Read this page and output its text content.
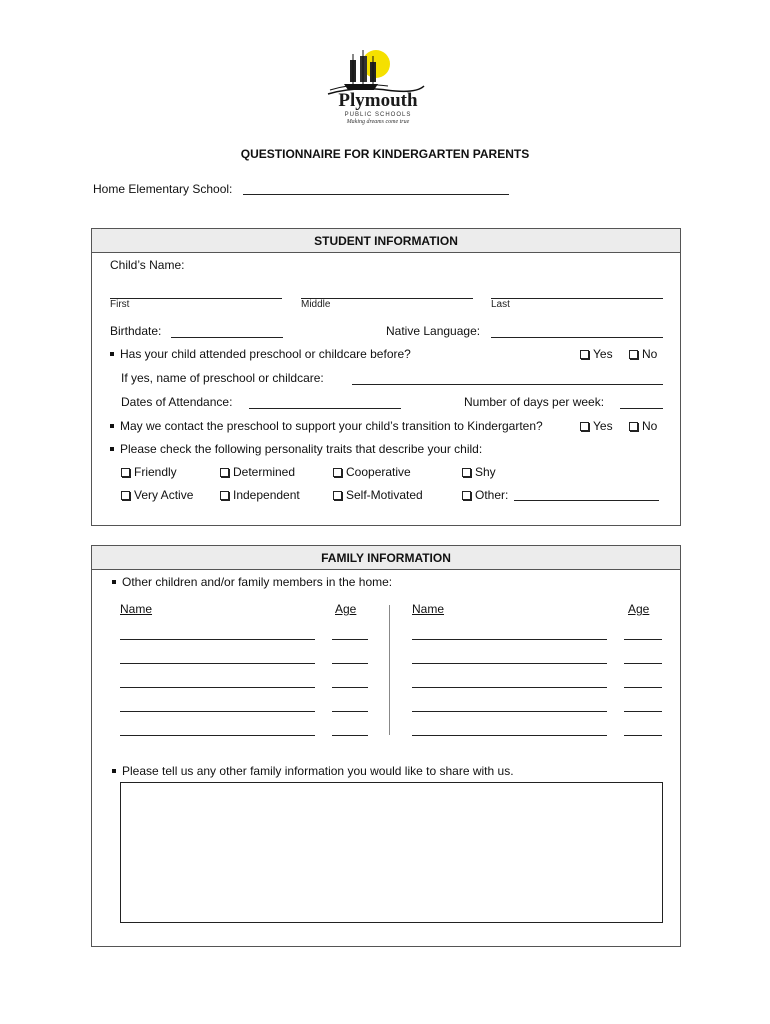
Plymouth
PUBLIC SCHOOLS
Making dreams come true
QUESTIONNAIRE FOR KINDERGARTEN PARENTS
Home Elementary School:
STUDENT INFORMATION
Child’s Name:
First	Middle	Last
Birthdate:	Native Language:
Has your child attended preschool or childcare before?	Yes	No
If yes, name of preschool or childcare:
Dates of Attendance:	Number of days per week:
May we contact the preschool to support your child’s transition to Kindergarten?	Yes	No
Please check the following personality traits that describe your child:
Friendly	Determined	Cooperative	Shy
Very Active	Independent	Self-Motivated	Other:
FAMILY INFORMATION
Other children and/or family members in the home:
Name	Age	Name	Age
Please tell us any other family information you would like to share with us.
